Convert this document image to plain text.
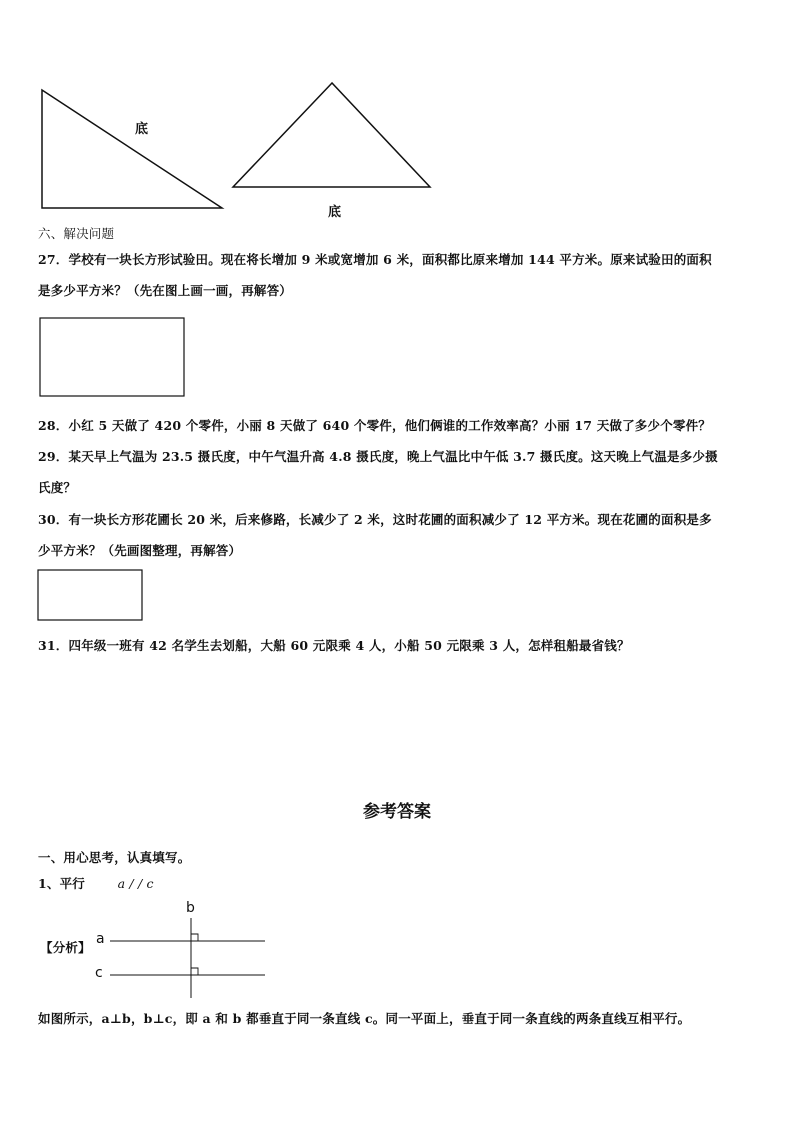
底
底
六、解决问题
27．学校有一块长方形试验田。现在将长增加 9 米或宽增加 6 米，面积都比原来增加 144 平方米。原来试验田的面积
是多少平方米？（先在图上画一画，再解答）
28．小红 5 天做了 420 个零件，小丽 8 天做了 640 个零件，他们俩谁的工作效率高？小丽 17 天做了多少个零件？
29．某天早上气温为 23.5 摄氏度，中午气温升高 4.8 摄氏度，晚上气温比中午低 3.7 摄氏度。这天晚上气温是多少摄
氏度？
30．有一块长方形花圃长 20 米，后来修路，长减少了 2 米，这时花圃的面积减少了 12 平方米。现在花圃的面积是多
少平方米？（先画图整理，再解答）
31．四年级一班有 42 名学生去划船，大船 60 元限乘 4 人，小船 50 元限乘 3 人，怎样租船最省钱？
参考答案
一、用心思考，认真填写。
1、平行	a / / c
【分析】
b
a
c
如图所示，a⊥b，b⊥c，即 a 和 b 都垂直于同一条直线 c。同一平面上，垂直于同一条直线的两条直线互相平行。
